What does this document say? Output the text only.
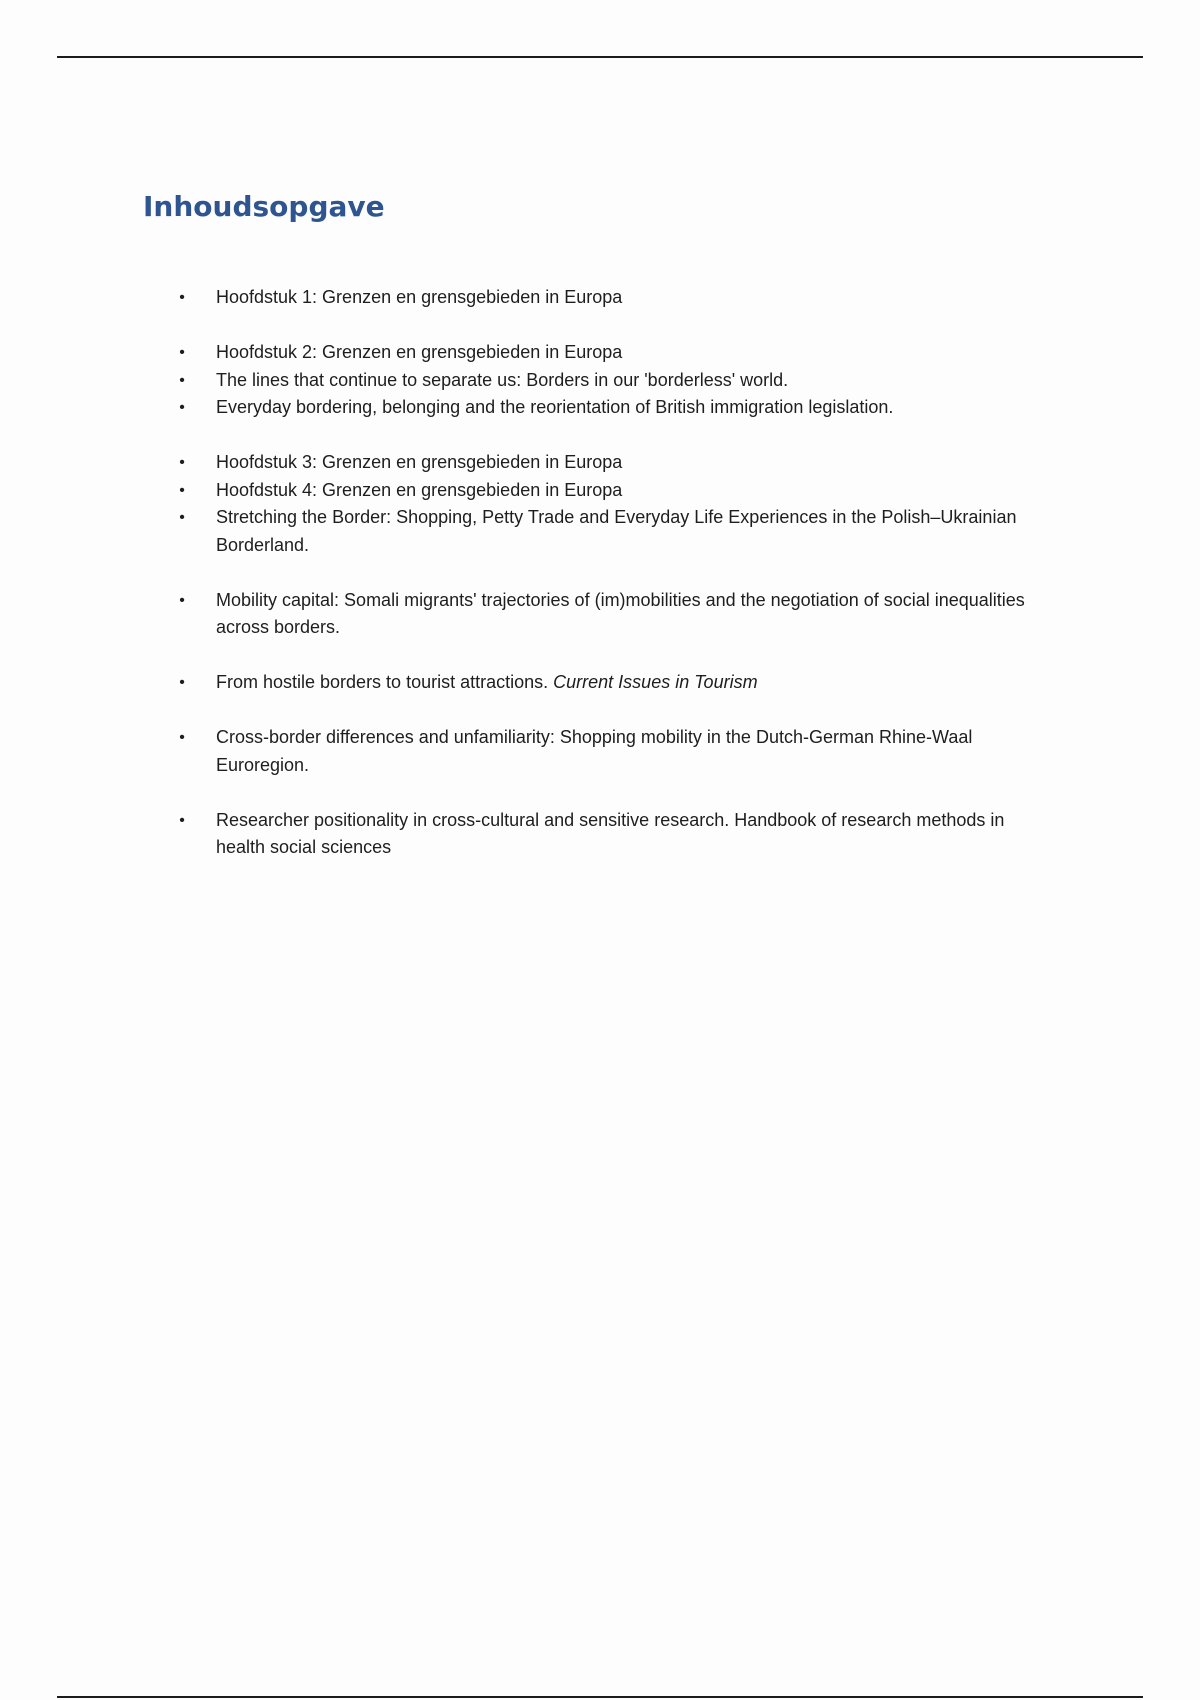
Inhoudsopgave
• Hoofdstuk 1: Grenzen en grensgebieden in Europa
• Hoofdstuk 2: Grenzen en grensgebieden in Europa
• The lines that continue to separate us: Borders in our 'borderless' world.
• Everyday bordering, belonging and the reorientation of British immigration legislation.
• Hoofdstuk 3: Grenzen en grensgebieden in Europa
• Hoofdstuk 4: Grenzen en grensgebieden in Europa
• Stretching the Border: Shopping, Petty Trade and Everyday Life Experiences in the Polish–Ukrainian Borderland.
• Mobility capital: Somali migrants' trajectories of (im)mobilities and the negotiation of social inequalities across borders.
• From hostile borders to tourist attractions. Current Issues in Tourism
• Cross-border differences and unfamiliarity: Shopping mobility in the Dutch-German Rhine-Waal Euroregion.
• Researcher positionality in cross-cultural and sensitive research. Handbook of research methods in health social sciences
